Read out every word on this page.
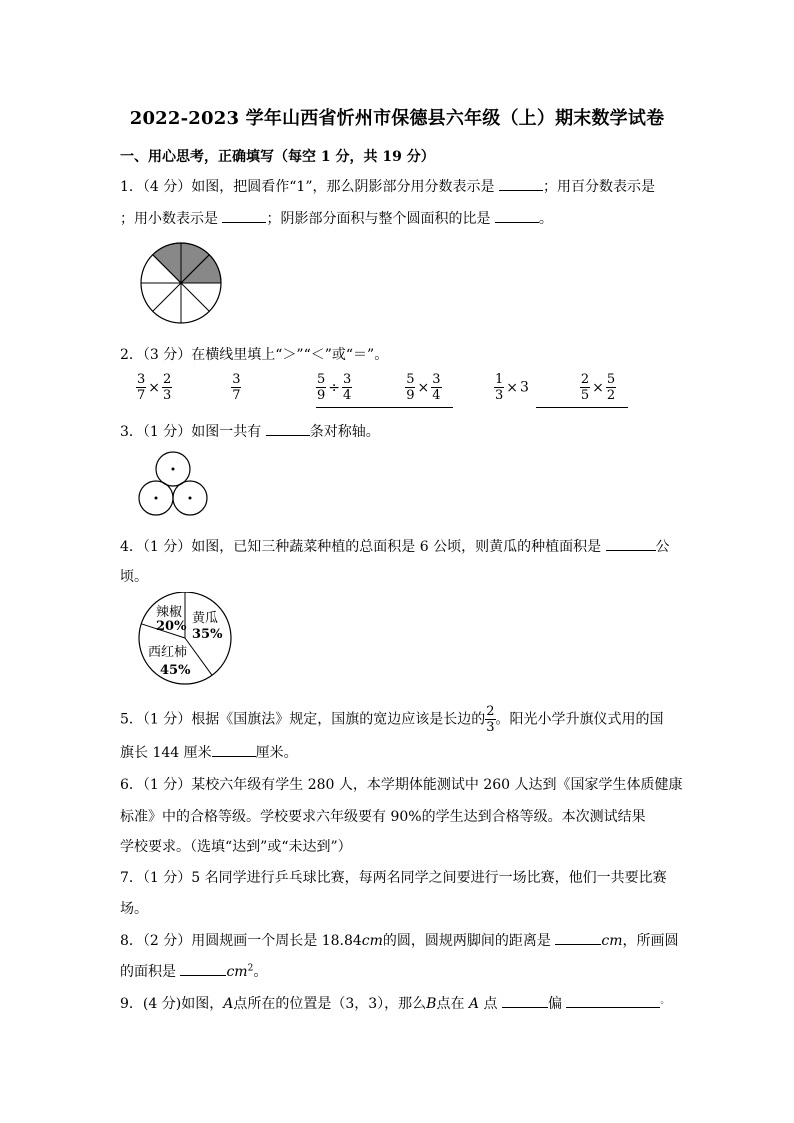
2022-2023 学年山西省忻州市保德县六年级（上）期末数学试卷
一、用心思考，正确填写（每空 1 分，共 19 分）
1．（4 分）如图，把圆看作“1”，那么阴影部分用分数表示是	；用百分数表示是
；用小数表示是	；阴影部分面积与整个圆面积的比是	。
2．（3 分）在横线里填上“＞”“＜”或“＝”。
$\frac{3}{7} \times \frac{2}{3}$
	$\frac{3}{7}$	$\frac{5}{9} \div \frac{3}{4}$
	$\frac{5}{9} \times \frac{3}{4}$	$\frac{1}{3} \times 3$	$\frac{2}{5} \times \frac{5}{2}$
3．（1 分）如图一共有	条对称轴。
4．（1 分）如图，已知三种蔬菜种植的总面积是 6 公顷，则黄瓜的种植面积是	公
顷。
辣椒
20%
黄瓜
35%
西红柿
45%
5．（1 分）根据《国旗法》规定，国旗的宽边应该是长边的 $\frac{2}{3}$ 。阳光小学升旗仪式用的国
旗长 144 厘米	厘米。
6．（1 分）某校六年级有学生 280 人，本学期体能测试中 260 人达到《国家学生体质健康
标准》中的合格等级。学校要求六年级要有 90%的学生达到合格等级。本次测试结果
学校要求。（选填“达到”或“未达到”）
7．（1 分）5 名同学进行乒乓球比赛，每两名同学之间要进行一场比赛，他们一共要比赛
场。
8．（2 分）用圆规画一个周长是 18.84cm的圆，圆规两脚间的距离是	cm，所画圆
的面积是	$cm^2$。
9．(4 分)如图，A点所在的位置是（3，3），那么B点在 A 点	偏	。
